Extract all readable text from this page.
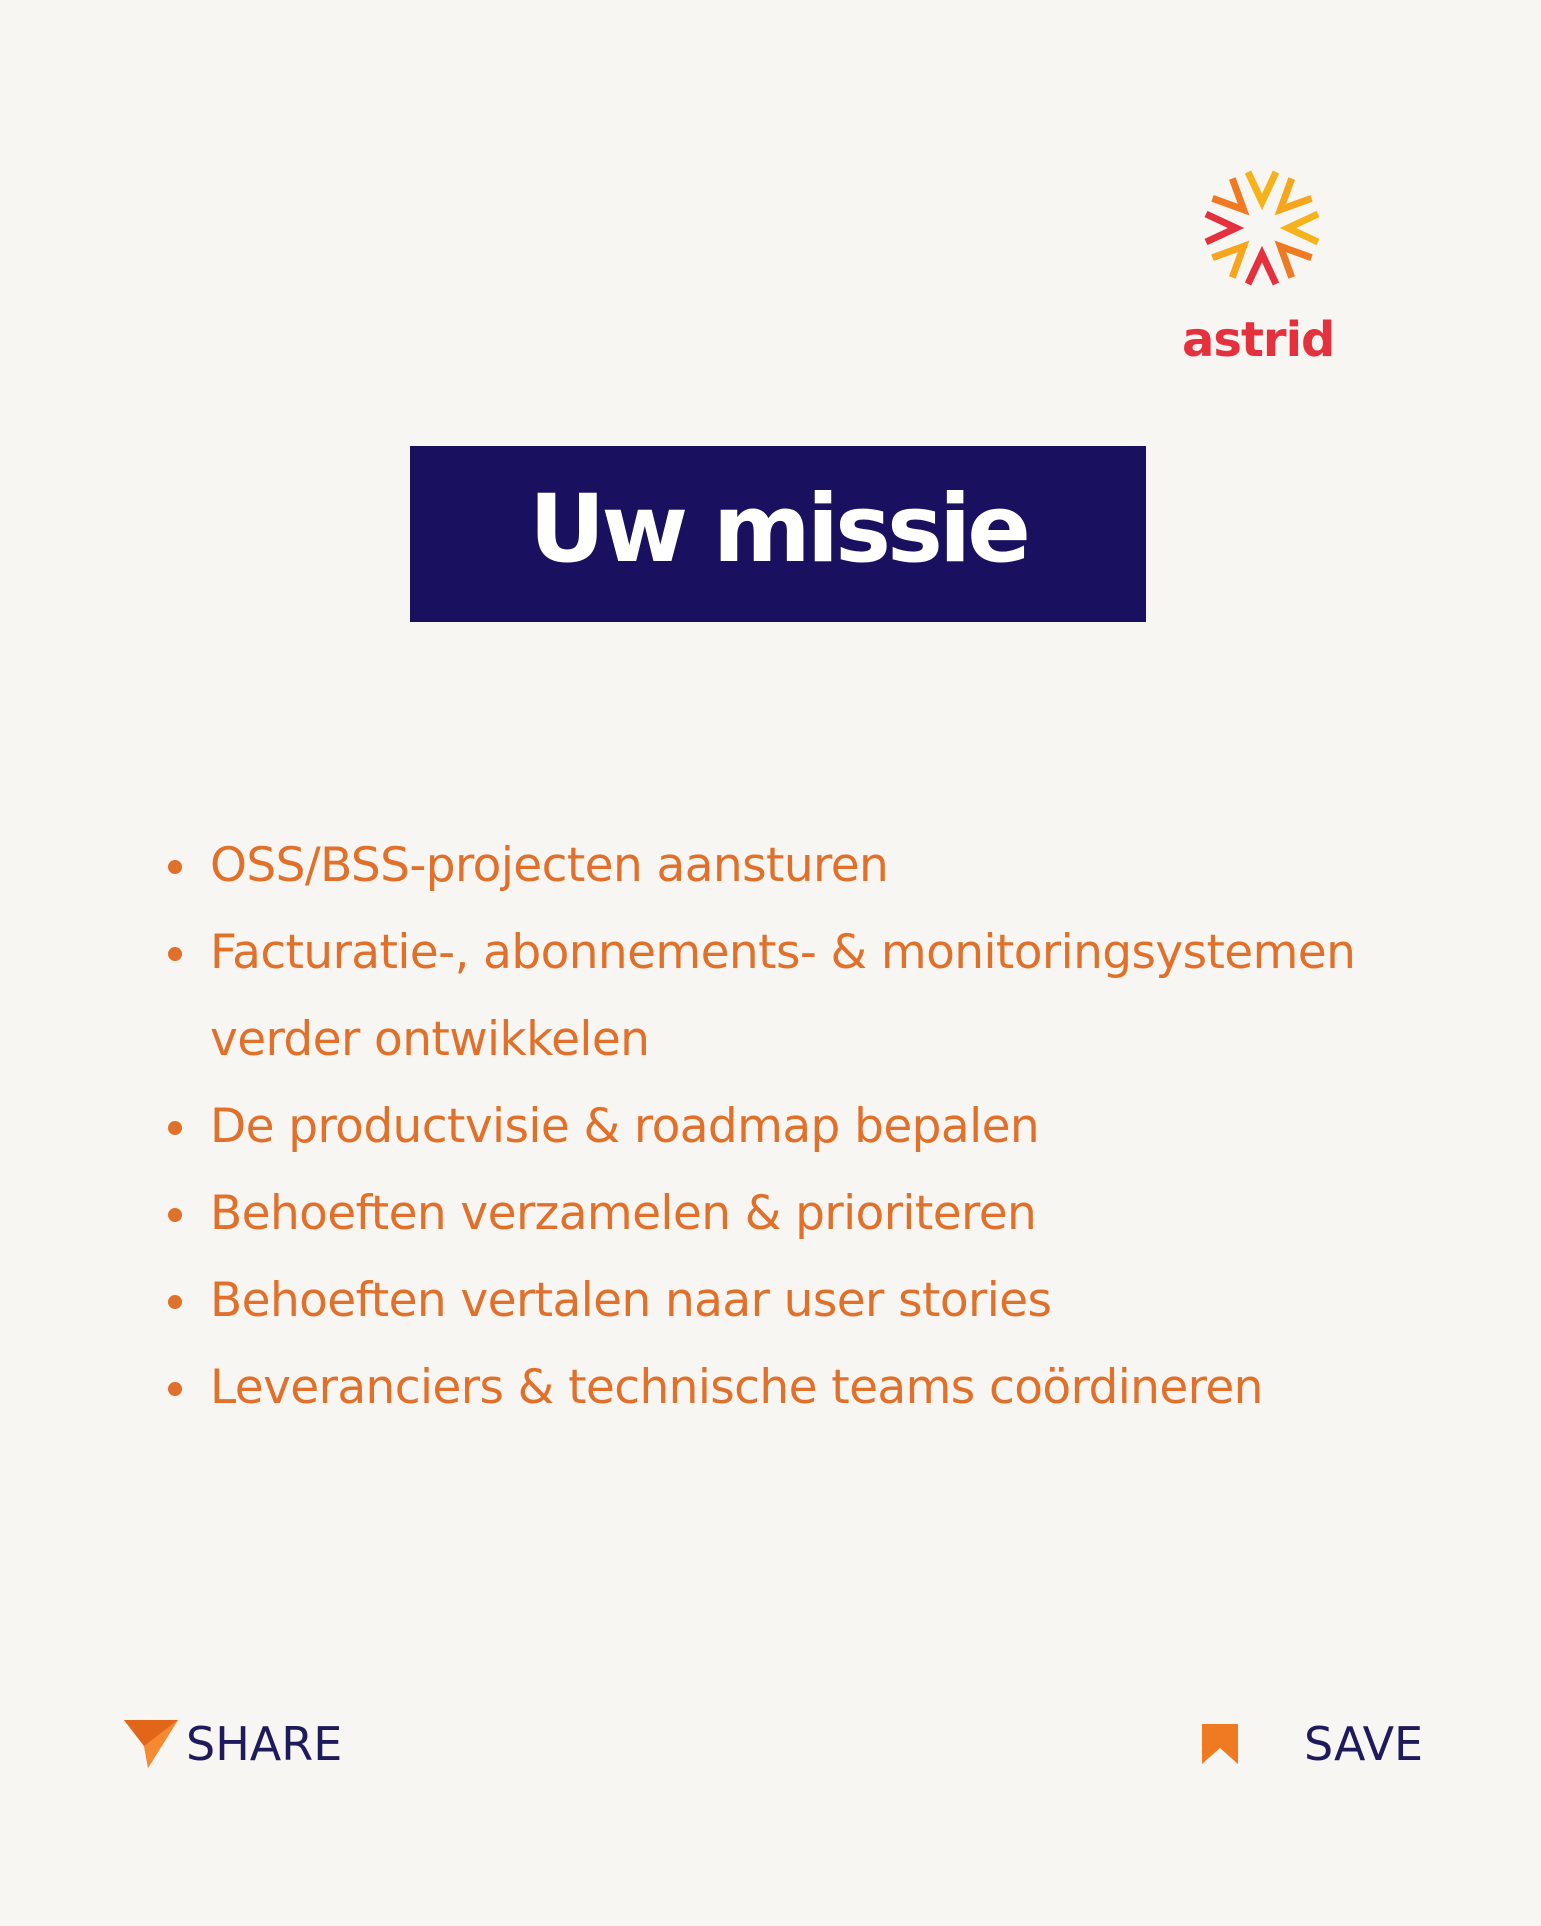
astrid
Uw missie
OSS/BSS-projecten aansturen
Facturatie-, abonnements- & monitoringsystemen verder ontwikkelen
De productvisie & roadmap bepalen
Behoeften verzamelen & prioriteren
Behoeften vertalen naar user stories
Leveranciers & technische teams coördineren
SHARE	SAVE
